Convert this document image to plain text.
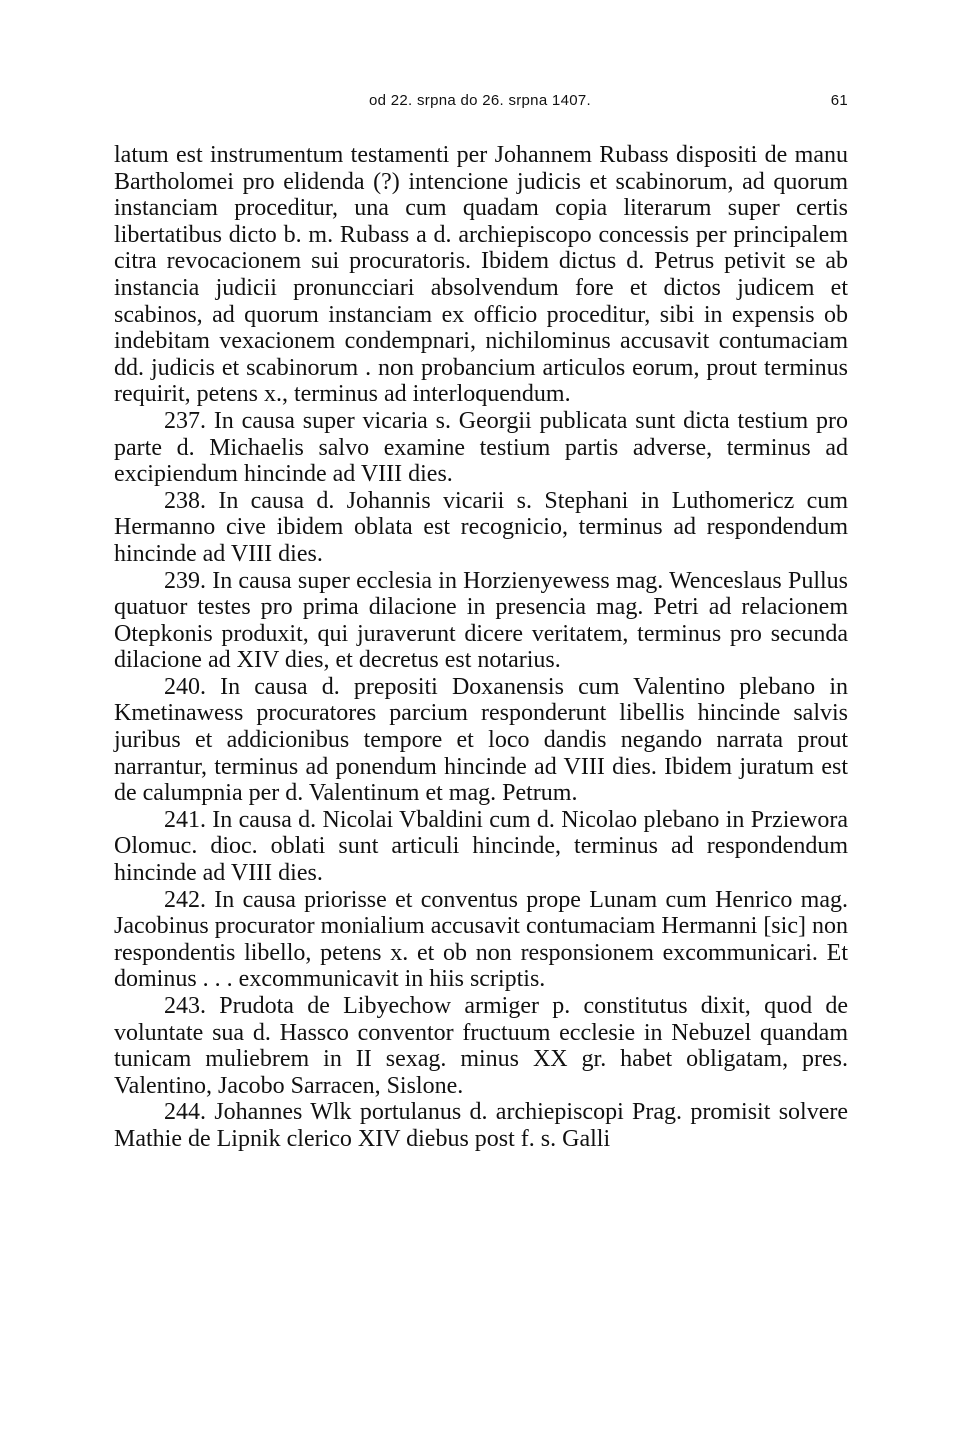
od 22. srpna do 26. srpna 1407.	61

latum est instrumentum testamenti per Johannem Rubass dispositi de manu Bartholomei pro elidenda (?) intencione judicis et scabinorum, ad quorum instanciam proceditur, una cum quadam copia literarum super certis libertatibus dicto b. m. Rubass a d. archiepiscopo concessis per principalem citra revocacionem sui procuratoris. Ibidem dictus d. Petrus petivit se ab instancia judicii pronuncciari absolvendum fore et dictos judicem et scabinos, ad quorum instanciam ex officio proceditur, sibi in expensis ob indebitam vexacionem condempnari, nichilominus accusavit contumaciam dd. judicis et scabinorum . non probancium articulos eorum, prout terminus requirit, petens x., terminus ad interloquendum.

237. In causa super vicaria s. Georgii publicata sunt dicta testium pro parte d. Michaelis salvo examine testium partis adverse, terminus ad excipiendum hincinde ad VIII dies.

238. In causa d. Johannis vicarii s. Stephani in Luthomericz cum Hermanno cive ibidem oblata est recognicio, terminus ad respondendum hincinde ad VIII dies.

239. In causa super ecclesia in Horzienyewess mag. Wenceslaus Pullus quatuor testes pro prima dilacione in presencia mag. Petri ad relacionem Otepkonis produxit, qui juraverunt dicere veritatem, terminus pro secunda dilacione ad XIV dies, et decretus est notarius.

240. In causa d. prepositi Doxanensis cum Valentino plebano in Kmetinawess procuratores parcium responderunt libellis hincinde salvis juribus et addicionibus tempore et loco dandis negando narrata prout narrantur, terminus ad ponendum hincinde ad VIII dies. Ibidem juratum est de calumpnia per d. Valentinum et mag. Petrum.

241. In causa d. Nicolai Vbaldini cum d. Nicolao plebano in Prziewora Olomuc. dioc. oblati sunt articuli hincinde, terminus ad respondendum hincinde ad VIII dies.

242. In causa priorisse et conventus prope Lunam cum Henrico mag. Jacobinus procurator monialium accusavit contumaciam Hermanni [sic] non respondentis libello, petens x. et ob non responsionem excommunicari. Et dominus . . . excommunicavit in hiis scriptis.

243. Prudota de Libyechow armiger p. constitutus dixit, quod de voluntate sua d. Hassco conventor fructuum ecclesie in Nebuzel quandam tunicam muliebrem in II sexag. minus XX gr. habet obligatam, pres. Valentino, Jacobo Sarracen, Sislone.

244. Johannes Wlk portulanus d. archiepiscopi Prag. promisit solvere Mathie de Lipnik clerico XIV diebus post f. s. Galli
